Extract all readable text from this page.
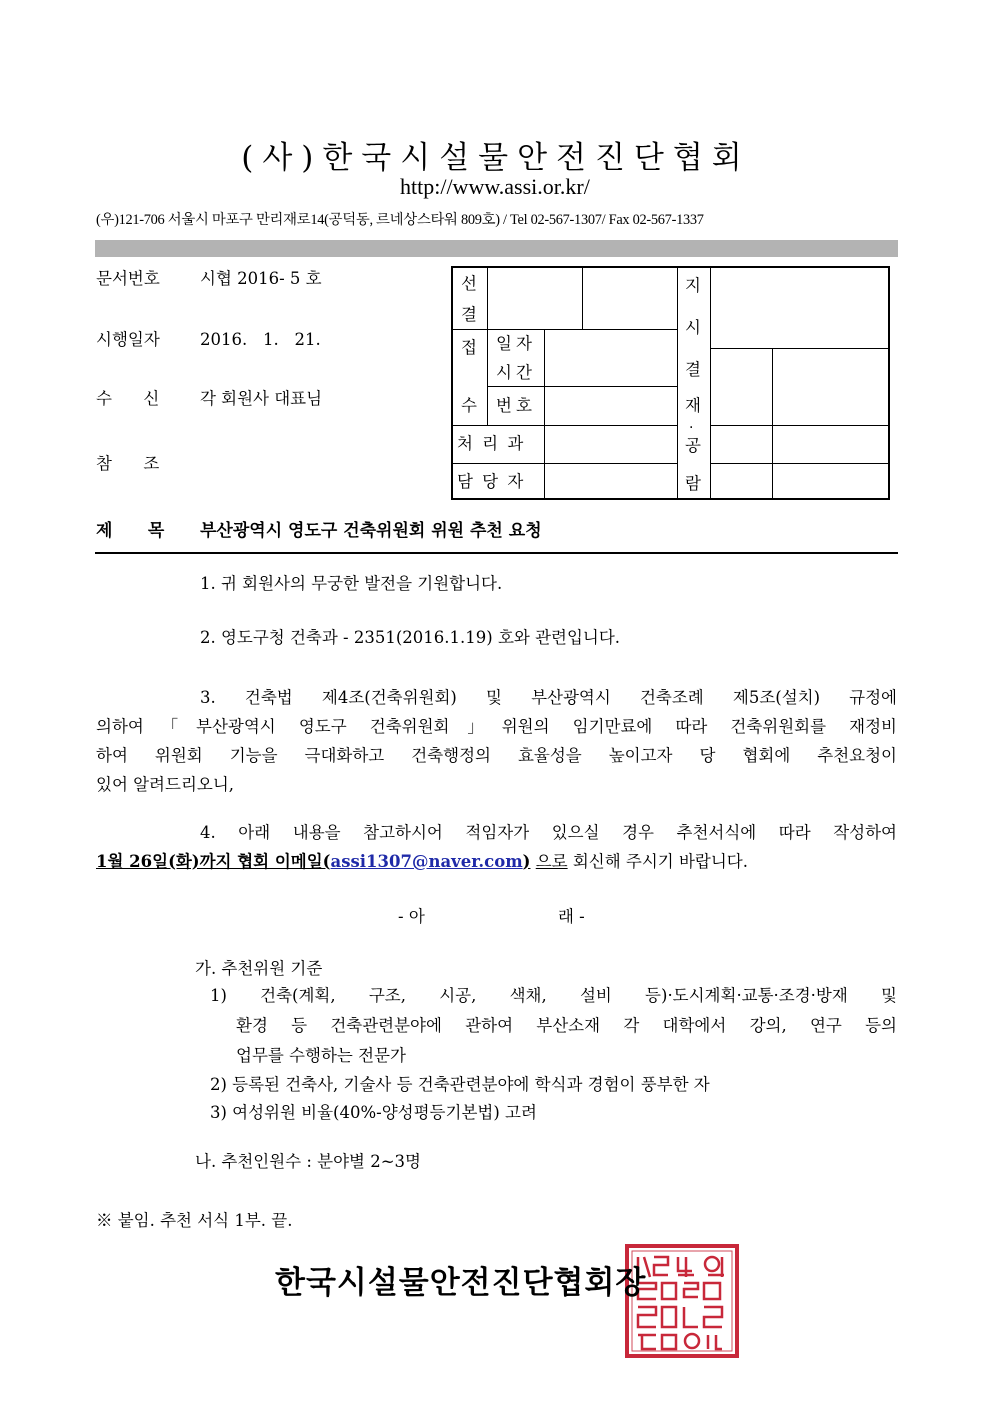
(사)한국시설물안전진단협회
http://www.assi.or.kr/
(우)121-706 서울시 마포구 만리재로14(공덕동, 르네상스타워 809호) / Tel 02-567-1307/ Fax 02-567-1337
문서번호 시협 2016- 5 호
시행일자 2016.   1.   21.
수      신 각 회원사 대표님
참      조
선
결
접
수
일자
시간
번호
처 리 과
담 당 자
지
시
결
재
·
공
람
제      목 부산광역시 영도구 건축위원회 위원 추천 요청
1. 귀 회원사의 무궁한 발전을 기원합니다.
2. 영도구청 건축과 - 2351(2016.1.19) 호와 관련입니다.
3. 건축법 제4조(건축위원회) 및 부산광역시 건축조례 제5조(설치) 규정에
의하여「부산광역시 영도구 건축위원회」위원의 임기만료에 따라 건축위원회를 재정비
하여 위원회 기능을 극대화하고 건축행정의 효율성을 높이고자 당 협회에 추천요청이
있어 알려드리오니,
4. 아래 내용을 참고하시어 적임자가 있으실 경우 추천서식에 따라 작성하여
1월 26일(화)까지 협회 이메일(assi1307@naver.com) 으로 회신해 주시기 바랍니다.
- 아	래 -
가. 추천위원 기준
1) 건축(계획, 구조, 시공, 색채, 설비 등)·도시계획·교통·조경·방재 및
환경 등 건축관련분야에 관하여 부산소재 각 대학에서 강의, 연구 등의
업무를 수행하는 전문가
2) 등록된 건축사, 기술사 등 건축관련분야에 학식과 경험이 풍부한 자
3) 여성위원 비율(40%-양성평등기본법) 고려
나. 추천인원수 : 분야별 2~3명
※ 붙임. 추천 서식 1부. 끝.
한국시설물안전진단협회장
